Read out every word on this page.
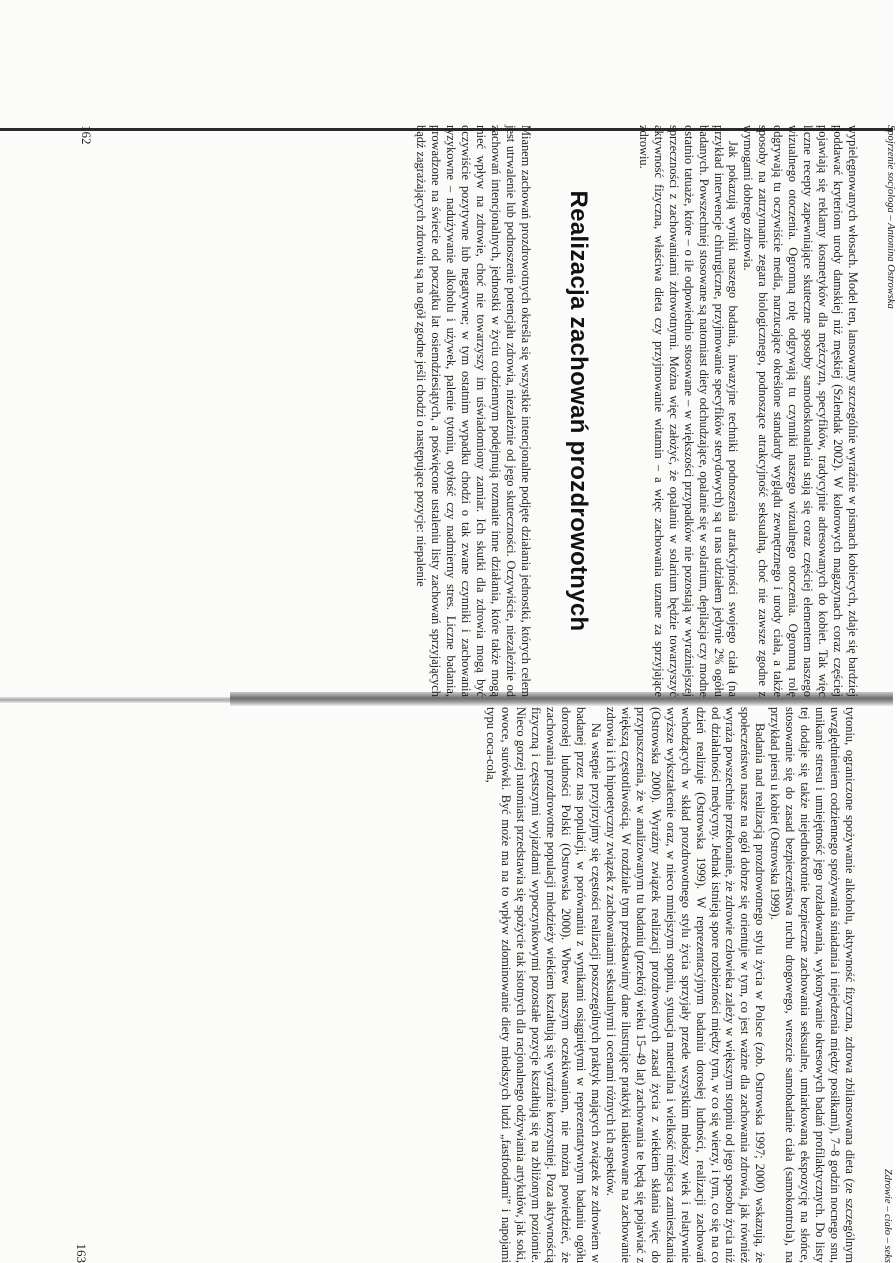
Spojrzenie socjologa – Antonina Ostrowska

wypielęgnowanych włosach. Model ten, lansowany szczególnie wyraźnie w pismach kobiecych, zdaje się bardziej poddawać kryteriom urody damskiej niż męskiej (Szlendak 2002). W kolorowych magazynach coraz częściej pojawiają się reklamy kosmetyków dla mężczyzn, specyfików, tradycyjnie adresowanych do kobiet. Tak więc liczne recepty zapewniające skuteczne sposoby samodoskonalenia stają się coraz częściej elementem naszego wizualnego otoczenia. Ogromną rolę odgrywają tu czynniki naszego wizualnego otoczenia. Ogromną rolę odgrywają tu oczywiście media, narzucające określone standardy wyglądu zewnętrznego i urody ciała, a także sposoby na zatrzymanie zegara biologicznego, podnoszące atrakcyjność seksualną, choć nie zawsze zgodne z wymogami dobrego zdrowia.

Jak pokazują wyniki naszego badania, inwazyjne techniki podnoszenia atrakcyjności swojego ciała (na przykład interwencje chirurgiczne, przyjmowanie specyfików sterydowych) są u nas udziałem jedynie 2% ogółu badanych. Powszechniej stosowane są natomiast diety odchudzające, opalanie się w solarium, depilacja czy modne ostatnio tatuaże, które – o ile odpowiednio stosowane – w większości przypadków nie pozostają w wyraźniejszej sprzeczności z zachowaniami zdrowotnymi. Można więc założyć, że opalaniu w solarium będzie towarzyszyć aktywność fizyczna, właściwa dieta czy przyjmowanie witamin – a więc zachowania uznane za sprzyjające zdrowiu.

Realizacja zachowań prozdrowotnych

Mianem zachowań prozdrowotnych określa się wszystkie intencjonalne podjęte działania jednostki, których celem jest utrwalenie lub podnoszenie potencjału zdrowia, niezależnie od jego skuteczności. Oczywiście, niezależnie od zachowań intencjonalnych, jednostki w życiu codziennym podejmują rozmaite inne działania, które także mogą mieć wpływ na zdrowie, choć nie towarzyszy im uświadomiony zamiar. Ich skutki dla zdrowia mogą być oczywiście pozytywne lub negatywne; w tym ostatnim wypadku chodzi o tak zwane czynniki i zachowania ryzykowne – nadużywanie alkoholu i używek, palenie tytoniu, otyłość czy nadmierny stres. Liczne badania, prowadzone na świecie od początku lat osiemdziesiątych, a poświęcone ustaleniu listy zachowań sprzyjających bądź zagrażających zdrowiu są na ogół zgodne jeśli chodzi o następujące pozycje: niepalenie

162
Zdrowie – ciało – seks

tytoniu, ograniczone spożywanie alkoholu, aktywność fizyczna, zdrowa zbilansowana dieta (ze szczególnym uwzględnieniem codziennego spożywania śniadania i niejedzenia między posiłkami), 7–8 godzin nocnego snu, unikanie stresu i umiejętność jego rozładowania, wykonywanie okresowych badań profilaktycznych. Do listy tej dodaje się także niejednokrotnie bezpieczne zachowania seksualne, umiarkowaną ekspozycję na słońce, stosowanie się do zasad bezpieczeństwa ruchu drogowego, wreszcie samobadanie ciała (samokontrola), na przykład piersi u kobiet (Ostrowska 1999).

Badania nad realizacją prozdrowotnego stylu życia w Polsce (zob. Ostrowska 1997; 2000) wskazują, że społeczeństwo nasze na ogół dobrze się orientuje w tym, co jest ważne dla zachowania zdrowia, jak również wyraża powszechnie przekonanie, że zdrowie człowieka zależy w większym stopniu od jego sposobu życia niż od działalności medycyny. Jednak istnieją spore rozbieżności między tym, w co się wierzy, i tym, co się na co dzień realizuje (Ostrowska 1999). W reprezentacyjnym badaniu dorosłej ludności, realizacji zachowań wchodzących w skład prozdrowotnego stylu życia sprzyjały przede wszystkim młodszy wiek i relatywnie wyższe wykształcenie oraz, w nieco mniejszym stopniu, sytuacja materialna i wielkość miejsca zamieszkania (Ostrowska 2000). Wyraźny związek realizacji prozdrowotnych zasad życia z wiekiem skłania więc do przypuszczenia, że w analizowanym tu badaniu (przekrój wieku 15–49 lat) zachowania te będą się pojawiać z większą częstotliwością. W rozdziale tym przedstawimy dane ilustrujące praktyki nakierowane na zachowanie zdrowia i ich hipotetyczny związek z zachowaniami seksualnymi i ocenami różnych ich aspektów.

Na wstępie przyjrzyjmy się częstości realizacji poszczególnych praktyk mających związek ze zdrowiem w badanej przez nas populacji, w porównaniu z wynikami osiągniętymi w reprezentatywnym badaniu ogółu dorosłej ludności Polski (Ostrowska 2000). Wbrew naszym oczekiwaniom, nie można powiedzieć, że zachowania prozdrowotne populacji młodzieży wiekiem kształtują się wyraźnie korzystniej. Poza aktywnością fizyczną i częstszymi wyjazdami wypoczynkowymi pozostałe pozycje kształtują się na zbliżonym poziomie. Nieco gorzej natomiast przedstawia się spożycie tak istotnych dla racjonalnego odżywiania artykułów, jak soki, owoce, surówki. Być może ma na to wpływ zdominowanie diety młodszych ludzi „fastfoodami” i napojami typu coca-cola,

163
